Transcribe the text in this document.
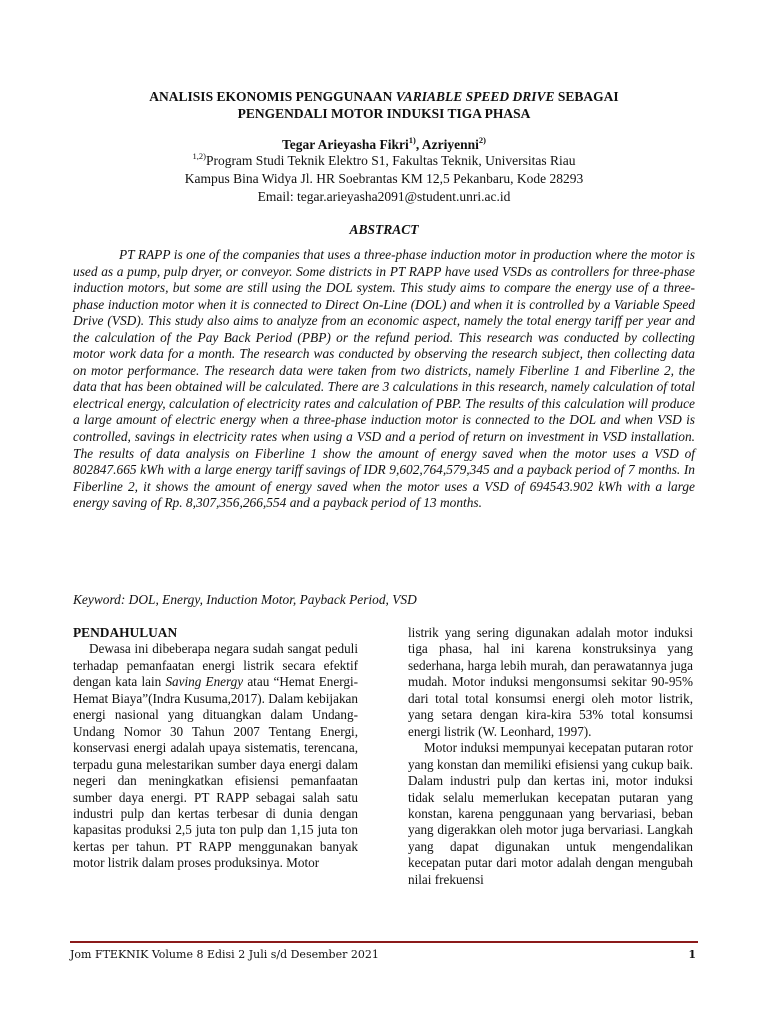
ANALISIS EKONOMIS PENGGUNAAN VARIABLE SPEED DRIVE SEBAGAI
PENGENDALI MOTOR INDUKSI TIGA PHASA
Tegar Arieyasha Fikri$^{1)}$, Azriyenni$^{2)}$
$^{1,2)}$Program Studi Teknik Elektro S1, Fakultas Teknik, Universitas Riau
Kampus Bina Widya Jl. HR Soebrantas KM 12,5 Pekanbaru, Kode 28293
Email: tegar.arieyasha2091@student.unri.ac.id
ABSTRACT

PT RAPP is one of the companies that uses a three-phase induction motor in production where the motor is used as a pump, pulp dryer, or conveyor. Some districts in PT RAPP have used VSDs as controllers for three-phase induction motors, but some are still using the DOL system. This study aims to compare the energy use of a three-phase induction motor when it is connected to Direct On-Line (DOL) and when it is controlled by a Variable Speed Drive (VSD). This study also aims to analyze from an economic aspect, namely the total energy tariff per year and the calculation of the Pay Back Period (PBP) or the refund period. This research was conducted by collecting motor work data for a month. The research was conducted by observing the research subject, then collecting data on motor performance. The research data were taken from two districts, namely Fiberline 1 and Fiberline 2, the data that has been obtained will be calculated. There are 3 calculations in this research, namely calculation of total electrical energy, calculation of electricity rates and calculation of PBP. The results of this calculation will produce a large amount of electric energy when a three-phase induction motor is connected to the DOL and when VSD is controlled, savings in electricity rates when using a VSD and a period of return on investment in VSD installation. The results of data analysis on Fiberline 1 show the amount of energy saved when the motor uses a VSD of 802847.665 kWh with a large energy tariff savings of IDR 9,602,764,579,345 and a payback period of 7 months. In Fiberline 2, it shows the amount of energy saved when the motor uses a VSD of 694543.902 kWh with a large energy saving of Rp. 8,307,356,266,554 and a payback period of 13 months.

Keyword: DOL, Energy, Induction Motor, Payback Period, VSD
PENDAHULUAN

Dewasa ini dibeberapa negara sudah sangat peduli terhadap pemanfaatan energi listrik secara efektif dengan kata lain Saving Energy atau “Hemat Energi-Hemat Biaya”(Indra Kusuma,2017). Dalam kebijakan energi nasional yang dituangkan dalam Undang-Undang Nomor 30 Tahun 2007 Tentang Energi, konservasi energi adalah upaya sistematis, terencana, terpadu guna melestarikan sumber daya energi dalam negeri dan meningkatkan efisiensi pemanfaatan sumber daya energi. PT RAPP sebagai salah satu industri pulp dan kertas terbesar di dunia dengan kapasitas produksi 2,5 juta ton pulp dan 1,15 juta ton kertas per tahun. PT RAPP menggunakan banyak motor listrik dalam proses produksinya. Motor

listrik yang sering digunakan adalah motor induksi tiga phasa, hal ini karena konstruksinya yang sederhana, harga lebih murah, dan perawatannya juga mudah. Motor induksi mengonsumsi sekitar 90-95% dari total total konsumsi energi oleh motor listrik, yang setara dengan kira-kira 53% total konsumsi energi listrik (W. Leonhard, 1997).

Motor induksi mempunyai kecepatan putaran rotor yang konstan dan memiliki efisiensi yang cukup baik. Dalam industri pulp dan kertas ini, motor induksi tidak selalu memerlukan kecepatan putaran yang konstan, karena penggunaan yang bervariasi, beban yang digerakkan oleh motor juga bervariasi. Langkah yang dapat digunakan untuk mengendalikan kecepatan putar dari motor adalah dengan mengubah nilai frekuensi

Jom FTEKNIK Volume 8 Edisi 2 Juli s/d Desember 2021	1
